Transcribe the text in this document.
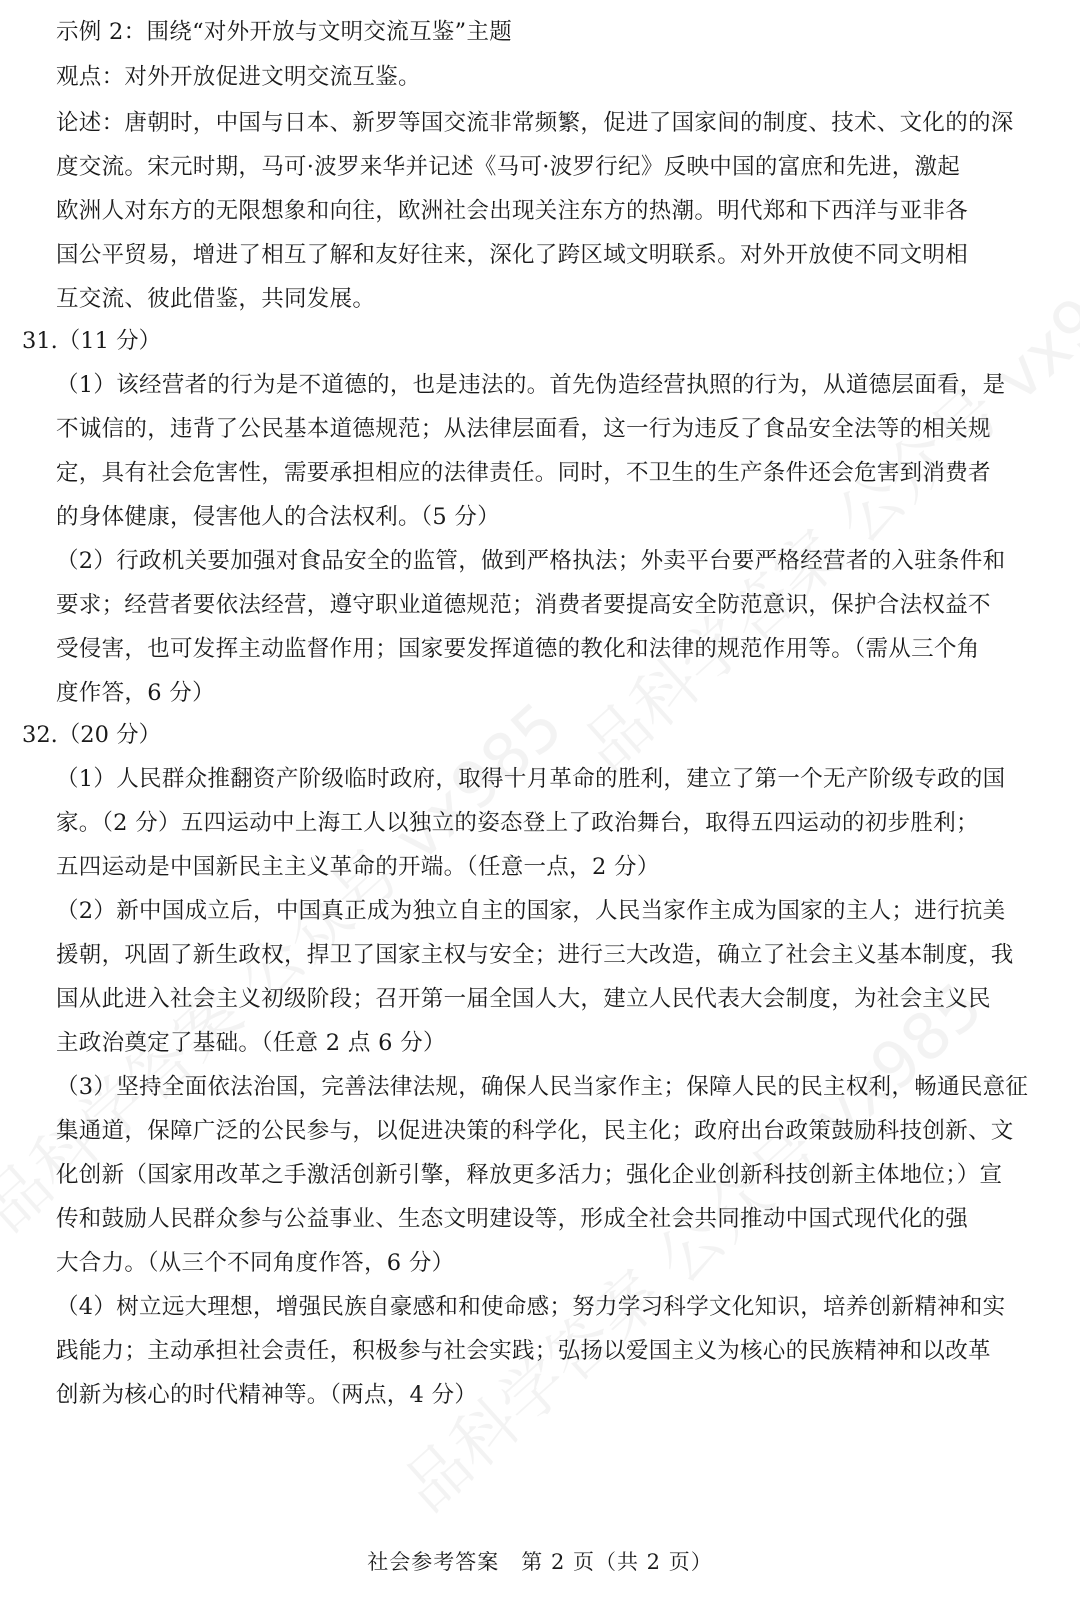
示例 2：围绕“对外开放与文明交流互鉴”主题
观点：对外开放促进文明交流互鉴。
论述：唐朝时，中国与日本、新罗等国交流非常频繁，促进了国家间的制度、技术、文化的的深
度交流。宋元时期，马可·波罗来华并记述《马可·波罗行纪》反映中国的富庶和先进，激起
欧洲人对东方的无限想象和向往，欧洲社会出现关注东方的热潮。明代郑和下西洋与亚非各
国公平贸易，增进了相互了解和友好往来，深化了跨区域文明联系。对外开放使不同文明相
互交流、彼此借鉴，共同发展。
31.（11 分）
（1）该经营者的行为是不道德的，也是违法的。首先伪造经营执照的行为，从道德层面看，是
不诚信的，违背了公民基本道德规范；从法律层面看，这一行为违反了食品安全法等的相关规
定，具有社会危害性，需要承担相应的法律责任。同时，不卫生的生产条件还会危害到消费者
的身体健康，侵害他人的合法权利。（5 分）
（2）行政机关要加强对食品安全的监管，做到严格执法；外卖平台要严格经营者的入驻条件和
要求；经营者要依法经营，遵守职业道德规范；消费者要提高安全防范意识，保护合法权益不
受侵害，也可发挥主动监督作用；国家要发挥道德的教化和法律的规范作用等。（需从三个角
度作答，6 分）
32.（20 分）
（1）人民群众推翻资产阶级临时政府，取得十月革命的胜利，建立了第一个无产阶级专政的国
家。（2 分）五四运动中上海工人以独立的姿态登上了政治舞台，取得五四运动的初步胜利；
五四运动是中国新民主主义革命的开端。（任意一点，2 分）
（2）新中国成立后，中国真正成为独立自主的国家，人民当家作主成为国家的主人；进行抗美
援朝，巩固了新生政权，捍卫了国家主权与安全；进行三大改造，确立了社会主义基本制度，我
国从此进入社会主义初级阶段；召开第一届全国人大，建立人民代表大会制度，为社会主义民
主政治奠定了基础。（任意 2 点 6 分）
（3）坚持全面依法治国，完善法律法规，确保人民当家作主；保障人民的民主权利，畅通民意征
集通道，保障广泛的公民参与，以促进决策的科学化，民主化；政府出台政策鼓励科技创新、文
化创新（国家用改革之手激活创新引擎，释放更多活力；强化企业创新科技创新主体地位；）宣
传和鼓励人民群众参与公益事业、生态文明建设等，形成全社会共同推动中国式现代化的强
大合力。（从三个不同角度作答，6 分）
（4）树立远大理想，增强民族自豪感和和使命感；努力学习科学文化知识，培养创新精神和实
践能力；主动承担社会责任，积极参与社会实践；弘扬以爱国主义为核心的民族精神和以改革
创新为核心的时代精神等。（两点，4 分）
社会参考答案　第 2 页（共 2 页）
